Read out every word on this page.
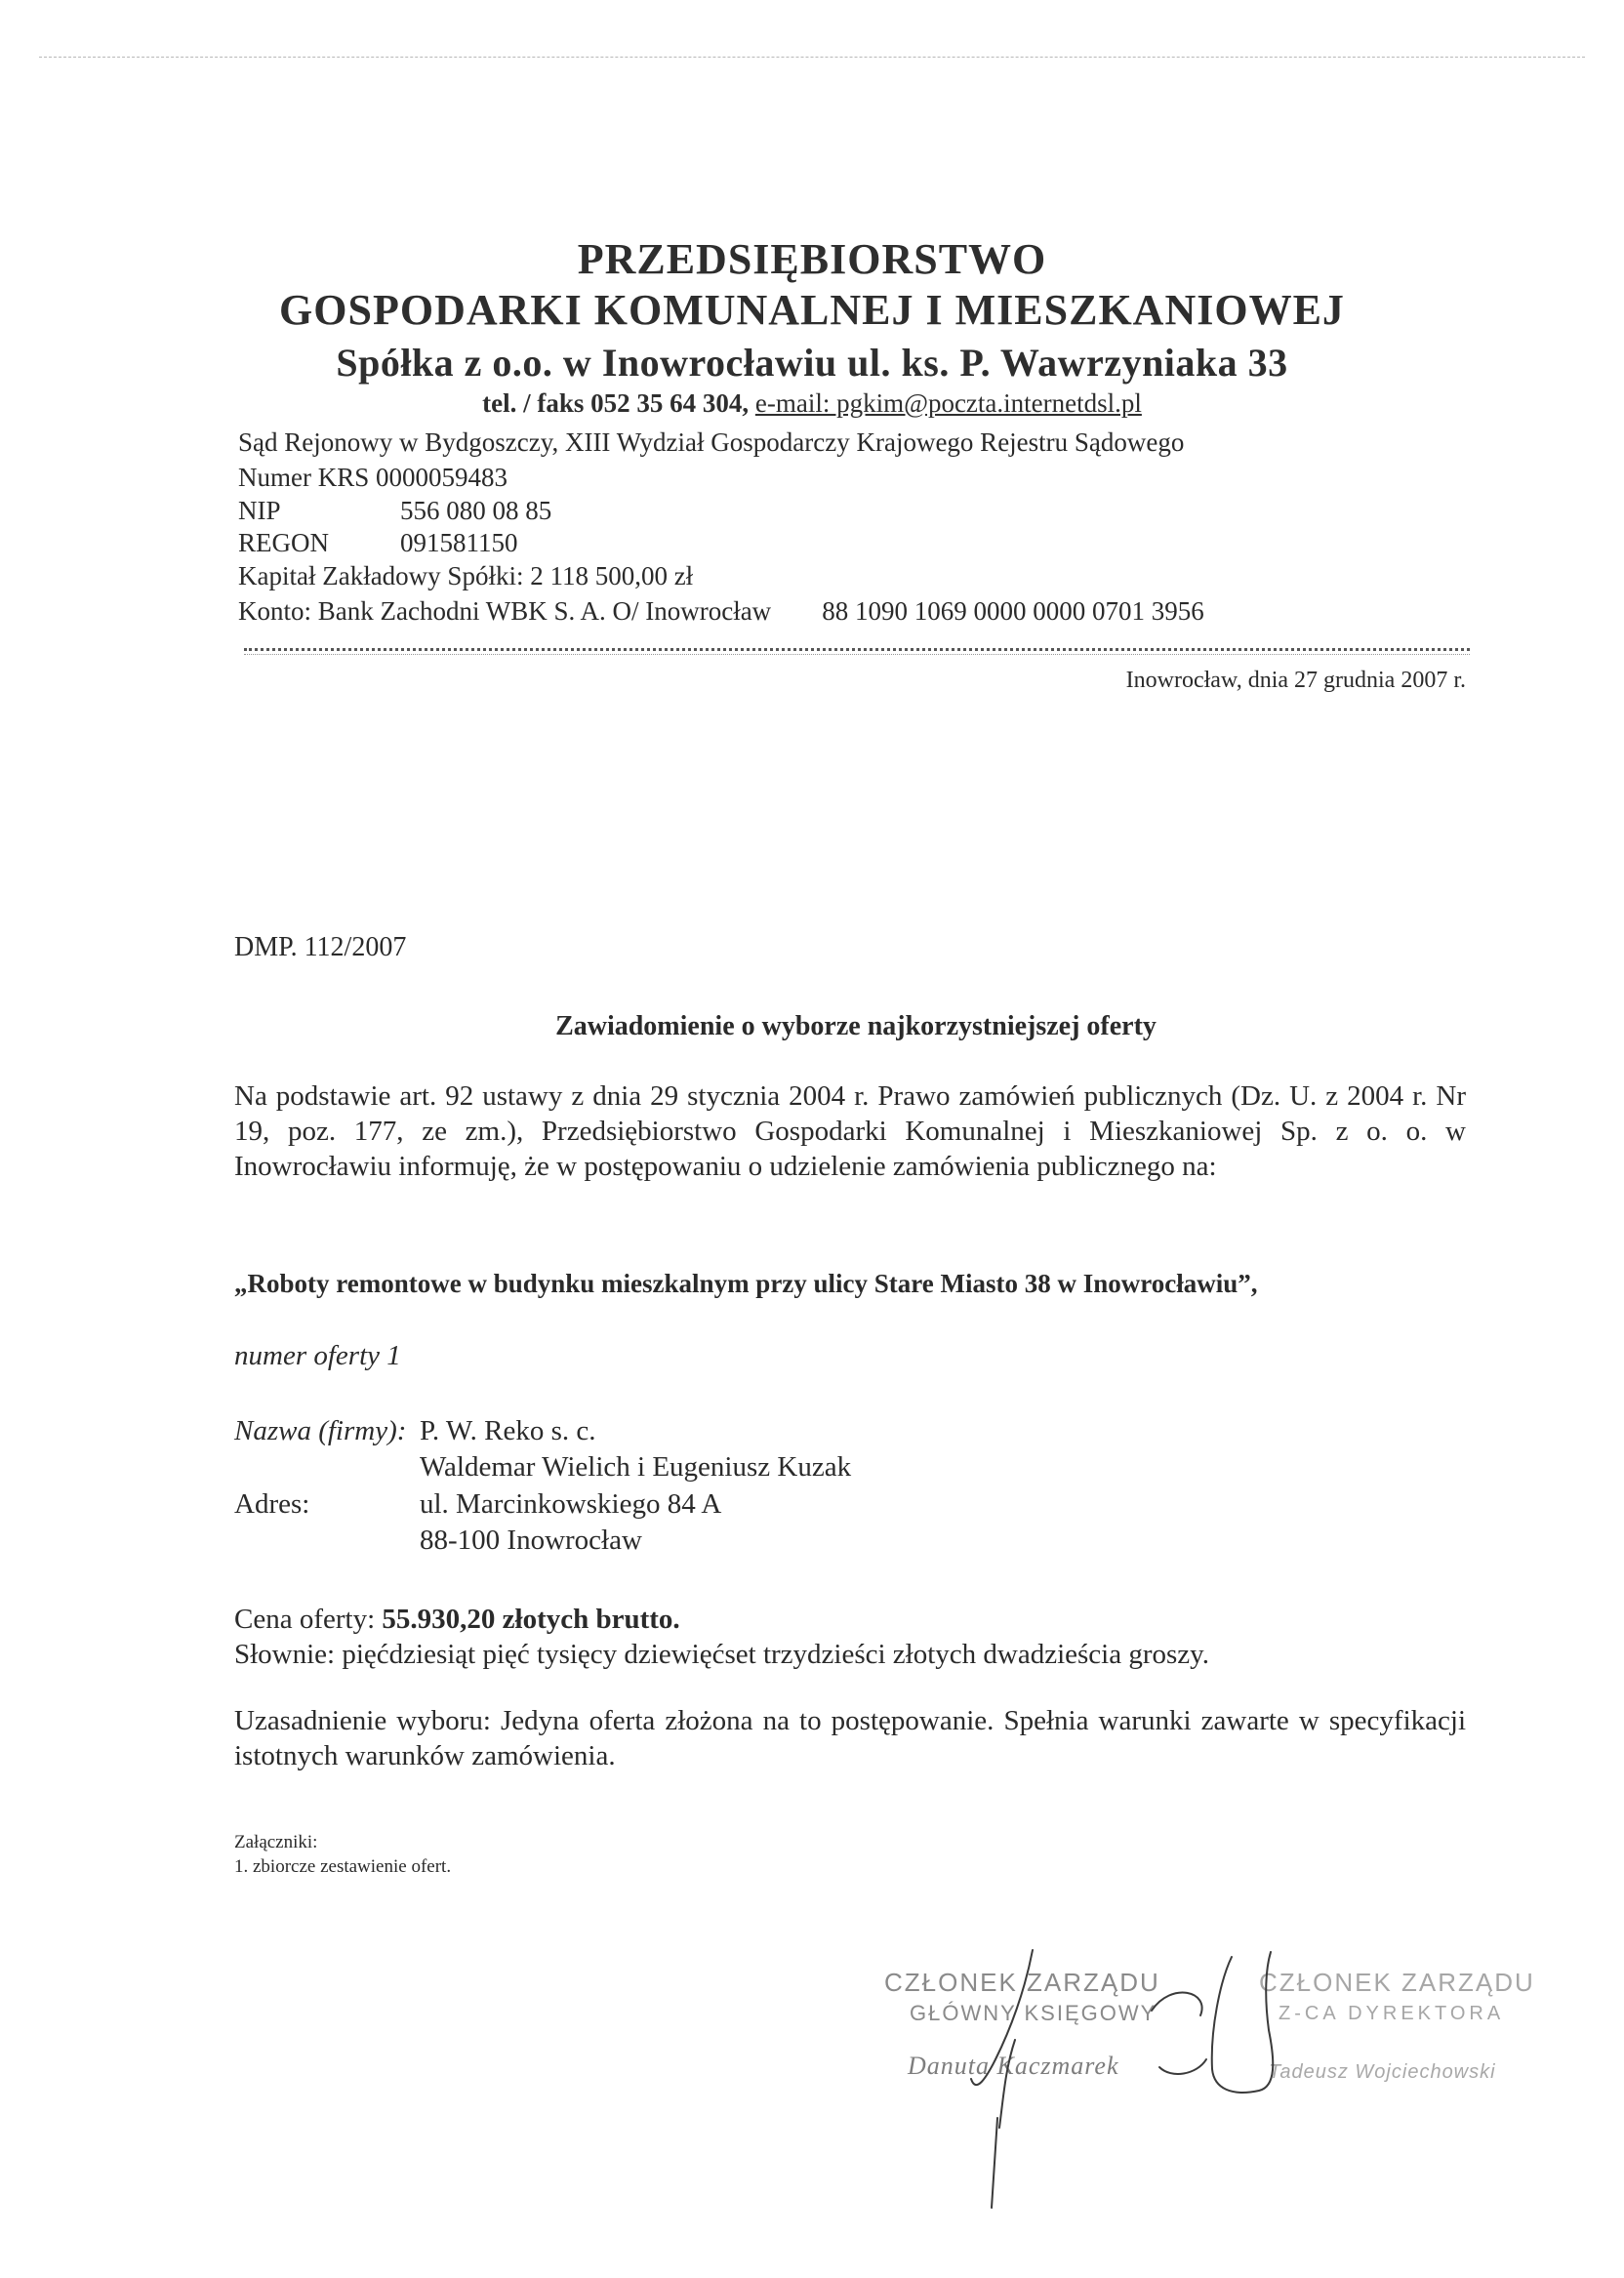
PRZEDSIĘBIORSTWO
GOSPODARKI KOMUNALNEJ I MIESZKANIOWEJ
Spółka z o.o. w Inowrocławiu ul. ks. P. Wawrzyniaka 33
tel. / faks 052 35 64 304, e-mail: pgkim@poczta.internetdsl.pl
Sąd Rejonowy w Bydgoszczy, XIII Wydział Gospodarczy Krajowego Rejestru Sądowego
Numer KRS 0000059483
NIP	556 080 08 85
REGON	091581150
Kapitał Zakładowy Spółki: 2 118 500,00 zł
Konto: Bank Zachodni WBK S. A. O/ Inowrocław 88 1090 1069 0000 0000 0701 3956
Inowrocław, dnia 27 grudnia 2007 r.
DMP. 112/2007
Zawiadomienie o wyborze najkorzystniejszej oferty
Na podstawie art. 92 ustawy z dnia 29 stycznia 2004 r. Prawo zamówień publicznych (Dz. U. z 2004 r. Nr 19, poz. 177, ze zm.), Przedsiębiorstwo Gospodarki Komunalnej i Mieszkaniowej Sp. z o. o. w Inowrocławiu informuję, że w postępowaniu o udzielenie zamówienia publicznego na:
„Roboty remontowe w budynku mieszkalnym przy ulicy Stare Miasto 38 w Inowrocławiu”,
numer oferty 1
Nazwa (firmy): P. W. Reko s. c.
Waldemar Wielich i Eugeniusz Kuzak
Adres:	ul. Marcinkowskiego 84 A
88-100 Inowrocław
Cena oferty: 55.930,20 złotych brutto.
Słownie: pięćdziesiąt pięć tysięcy dziewięćset trzydzieści złotych dwadzieścia groszy.
Uzasadnienie wyboru: Jedyna oferta złożona na to postępowanie. Spełnia warunki zawarte w specyfikacji istotnych warunków zamówienia.
Załączniki:
1. zbiorcze zestawienie ofert.
CZŁONEK ZARZĄDU
GŁÓWNY KSIĘGOWY
Danuta Kaczmarek
CZŁONEK ZARZĄDU
Z-CA DYREKTORA
Tadeusz Wojciechowski
